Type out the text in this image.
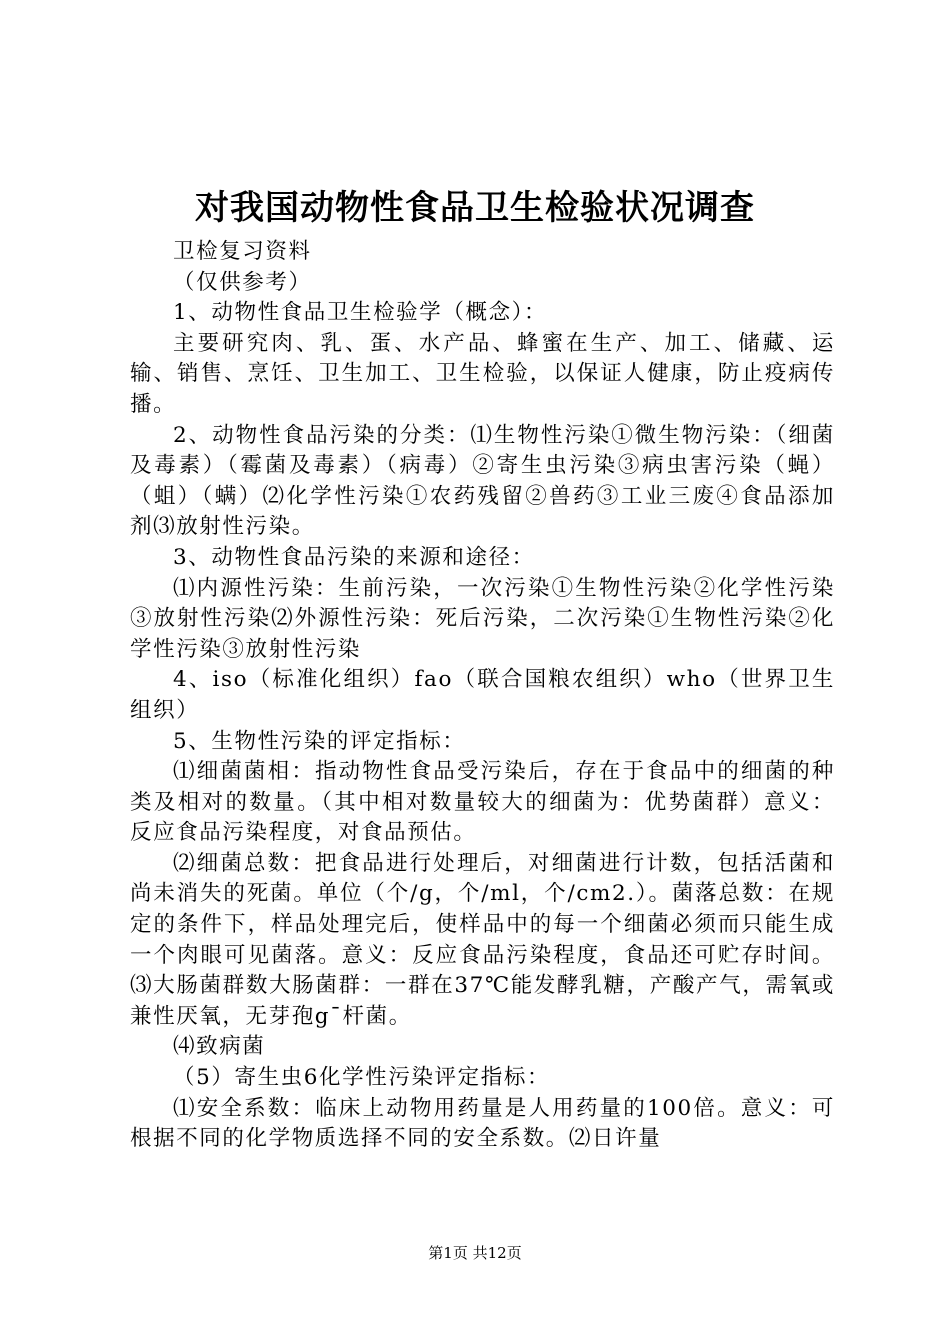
对我国动物性食品卫生检验状况调查

卫检复习资料

（仅供参考）

1、动物性食品卫生检验学（概念）：

主要研究肉、乳、蛋、水产品、蜂蜜在生产、加工、储藏、运输、销售、烹饪、卫生加工、卫生检验，以保证人健康，防止疫病传播。

2、动物性食品污染的分类：⑴生物性污染①微生物污染：（细菌及毒素）（霉菌及毒素）（病毒）②寄生虫污染③病虫害污染（蝇）（蛆）（螨）⑵化学性污染①农药残留②兽药③工业三废④食品添加剂⑶放射性污染。

3、动物性食品污染的来源和途径：

⑴内源性污染：生前污染，一次污染①生物性污染②化学性污染③放射性污染⑵外源性污染：死后污染，二次污染①生物性污染②化学性污染③放射性污染

4、iso（标准化组织）fao（联合国粮农组织）who（世界卫生组织）

5、生物性污染的评定指标：

⑴细菌菌相：指动物性食品受污染后，存在于食品中的细菌的种类及相对的数量。（其中相对数量较大的细菌为：优势菌群）意义：反应食品污染程度，对食品预估。

⑵细菌总数：把食品进行处理后，对细菌进行计数，包括活菌和尚未消失的死菌。单位（个/g，个/ml，个/cm2.）。菌落总数：在规定的条件下，样品处理完后，使样品中的每一个细菌必须而只能生成一个肉眼可见菌落。意义：反应食品污染程度，食品还可贮存时间。⑶大肠菌群数大肠菌群：一群在37℃能发酵乳糖，产酸产气，需氧或兼性厌氧，无芽孢g¯杆菌。

⑷致病菌

（5）寄生虫6化学性污染评定指标：

⑴安全系数：临床上动物用药量是人用药量的100倍。意义：可根据不同的化学物质选择不同的安全系数。⑵日许量

第1页 共12页
